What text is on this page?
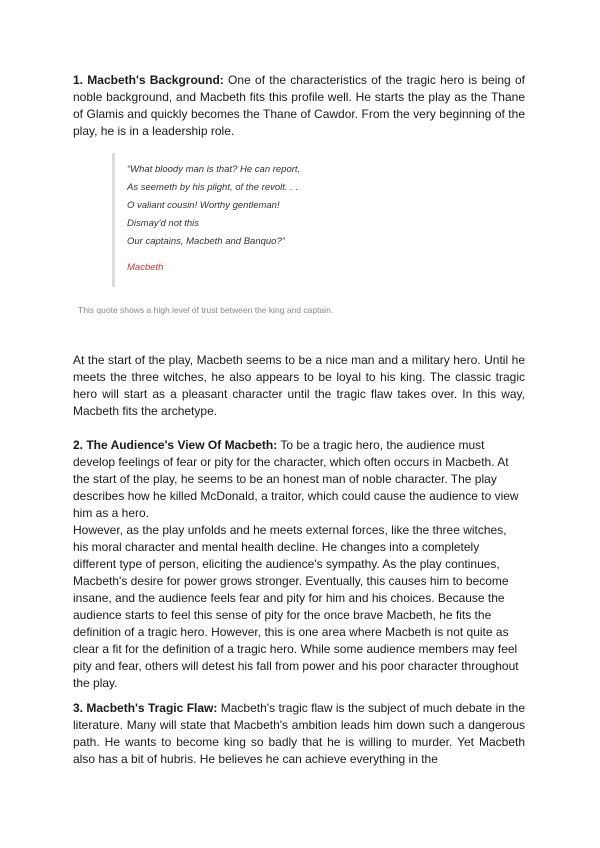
1. Macbeth's Background: One of the characteristics of the tragic hero is being of noble background, and Macbeth fits this profile well. He starts the play as the Thane of Glamis and quickly becomes the Thane of Cawdor. From the very beginning of the play, he is in a leadership role.

“What bloody man is that? He can report,
As seemeth by his plight, of the revolt. . .
O valiant cousin! Worthy gentleman!
Dismay'd not this
Our captains, Macbeth and Banquo?”
Macbeth
This quote shows a high level of trust between the king and captain.

At the start of the play, Macbeth seems to be a nice man and a military hero. Until he meets the three witches, he also appears to be loyal to his king. The classic tragic hero will start as a pleasant character until the tragic flaw takes over. In this way, Macbeth fits the archetype.

2. The Audience's View Of Macbeth: To be a tragic hero, the audience must develop feelings of fear or pity for the character, which often occurs in Macbeth. At the start of the play, he seems to be an honest man of noble character. The play describes how he killed McDonald, a traitor, which could cause the audience to view him as a hero.
However, as the play unfolds and he meets external forces, like the three witches, his moral character and mental health decline. He changes into a completely different type of person, eliciting the audience's sympathy. As the play continues, Macbeth's desire for power grows stronger. Eventually, this causes him to become insane, and the audience feels fear and pity for him and his choices. Because the audience starts to feel this sense of pity for the once brave Macbeth, he fits the definition of a tragic hero. However, this is one area where Macbeth is not quite as clear a fit for the definition of a tragic hero. While some audience members may feel pity and fear, others will detest his fall from power and his poor character throughout the play.

3. Macbeth's Tragic Flaw: Macbeth's tragic flaw is the subject of much debate in the literature. Many will state that Macbeth's ambition leads him down such a dangerous path. He wants to become king so badly that he is willing to murder. Yet Macbeth also has a bit of hubris. He believes he can achieve everything in the
